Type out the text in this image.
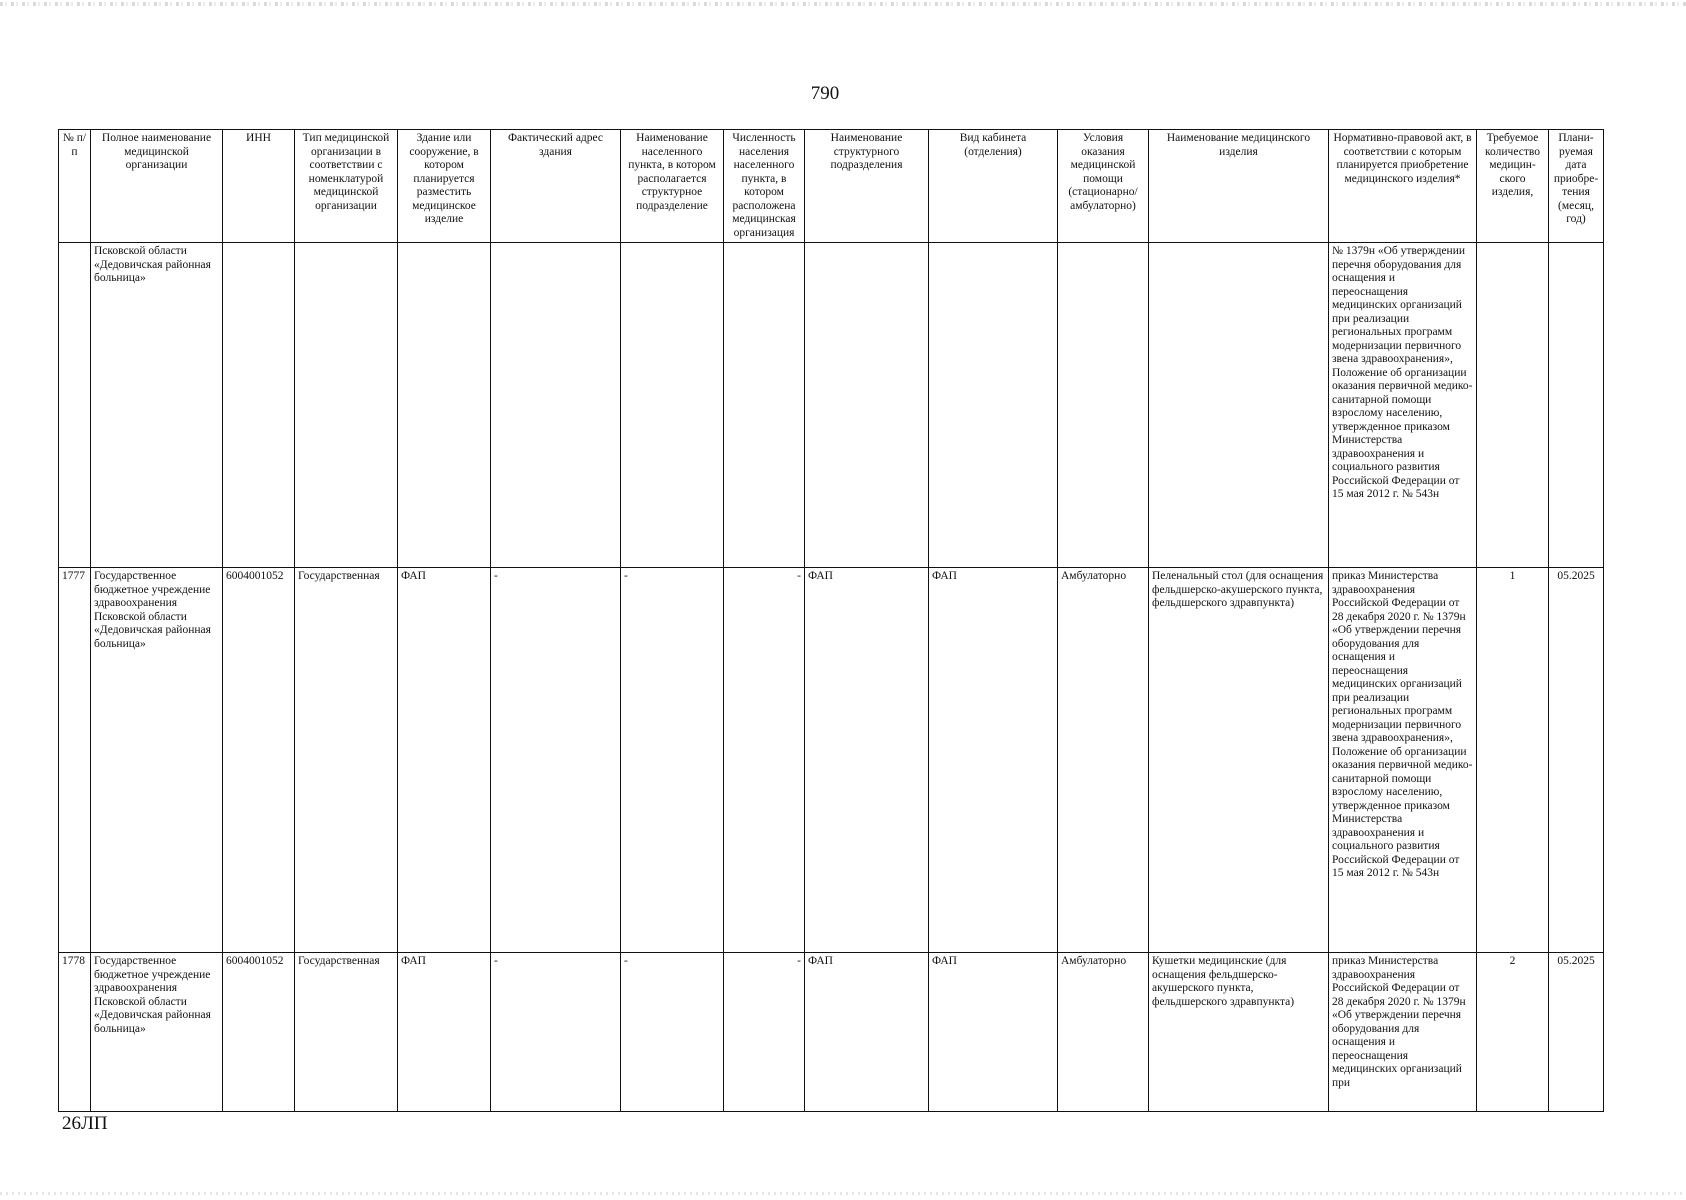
790
№ п/п	Полное наименование медицинской организации	ИНН	Тип медицинской организации в соответствии с номенклатурой медицинской организации	Здание или сооружение, в котором планируется разместить медицинское изделие	Фактический адрес здания	Наименование населенного пункта, в котором располагается структурное подразделение	Численность населения населенного пункта, в котором расположена медицинская организация	Наименование структурного подразделения	Вид кабинета (отделения)	Условия оказания медицинской помощи (стационарно/ амбулаторно)	Наименование медицинского изделия	Нормативно-правовой акт, в соответствии с которым планируется приобретение медицинского изделия*	Требуемое количество медицин-ского изделия,	Плани-руемая дата приобре-тения (месяц, год)
	Псковской области «Дедовичская районная больница»											№ 1379н «Об утверждении перечня оборудования для оснащения и переоснащения медицинских организаций при реализации региональных программ модернизации первичного звена здравоохранения», Положение об организации оказания первичной медико-санитарной помощи взрослому населению, утвержденное приказом Министерства здравоохранения и социального развития Российской Федерации от 15 мая 2012 г. № 543н		
1777	Государственное бюджетное учреждение здравоохранения Псковской области «Дедовичская районная больница»	6004001052	Государственная	ФАП	-	-	-	ФАП	ФАП	Амбулаторно	Пеленальный стол (для оснащения фельдшерско-акушерского пункта, фельдшерского здравпункта)	приказ Министерства здравоохранения Российской Федерации от 28 декабря 2020 г. № 1379н «Об утверждении перечня оборудования для оснащения и переоснащения медицинских организаций при реализации региональных программ модернизации первичного звена здравоохранения», Положение об организации оказания первичной медико-санитарной помощи взрослому населению, утвержденное приказом Министерства здравоохранения и социального развития Российской Федерации от 15 мая 2012 г. № 543н	1	05.2025
1778	Государственное бюджетное учреждение здравоохранения Псковской области «Дедовичская районная больница»	6004001052	Государственная	ФАП	-	-	-	ФАП	ФАП	Амбулаторно	Кушетки медицинские (для оснащения фельдшерско-акушерского пункта, фельдшерского здравпункта)	приказ Министерства здравоохранения Российской Федерации от 28 декабря 2020 г. № 1379н «Об утверждении перечня оборудования для оснащения и переоснащения медицинских организаций при	2	05.2025
26ЛП
